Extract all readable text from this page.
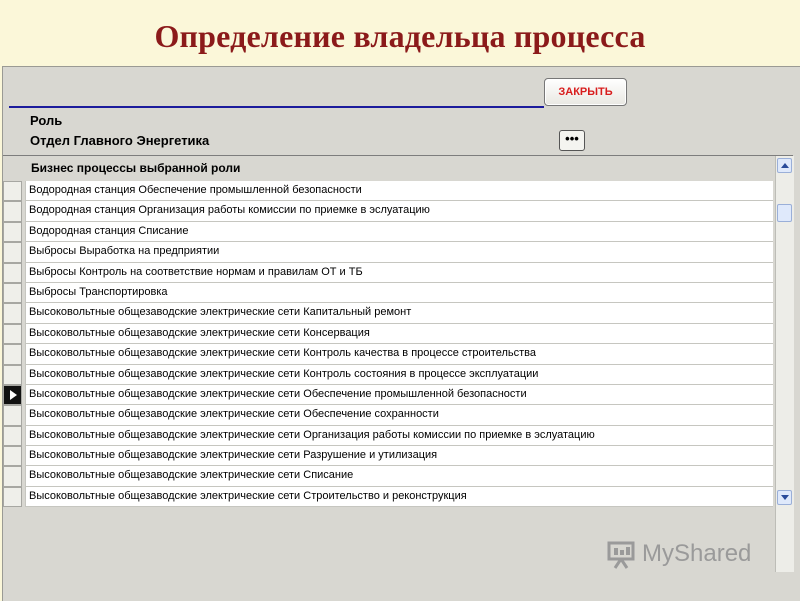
Определение владельца процесса
ЗАКРЫТЬ
Роль
Отдел Главного Энергетика	•••
Бизнес процессы выбранной роли
Водородная станция Обеспечение промышленной безопасности
Водородная станция Организация работы комиссии по приемке в эслуатацию
Водородная станция Списание
Выбросы Выработка на предприятии
Выбросы Контроль на соответствие нормам и правилам ОТ и ТБ
Выбросы Транспортировка
Высоковольтные общезаводские электрические сети Капитальный ремонт
Высоковольтные общезаводские электрические сети Консервация
Высоковольтные общезаводские электрические сети Контроль качества в процессе строительства
Высоковольтные общезаводские электрические сети Контроль состояния в процессе эксплуатации
Высоковольтные общезаводские электрические сети Обеспечение промышленной безопасности
Высоковольтные общезаводские электрические сети Обеспечение сохранности
Высоковольтные общезаводские электрические сети Организация работы комиссии по приемке в эслуатацию
Высоковольтные общезаводские электрические сети Разрушение и утилизация
Высоковольтные общезаводские электрические сети Списание
Высоковольтные общезаводские электрические сети Строительство и реконструкция
MyShared
